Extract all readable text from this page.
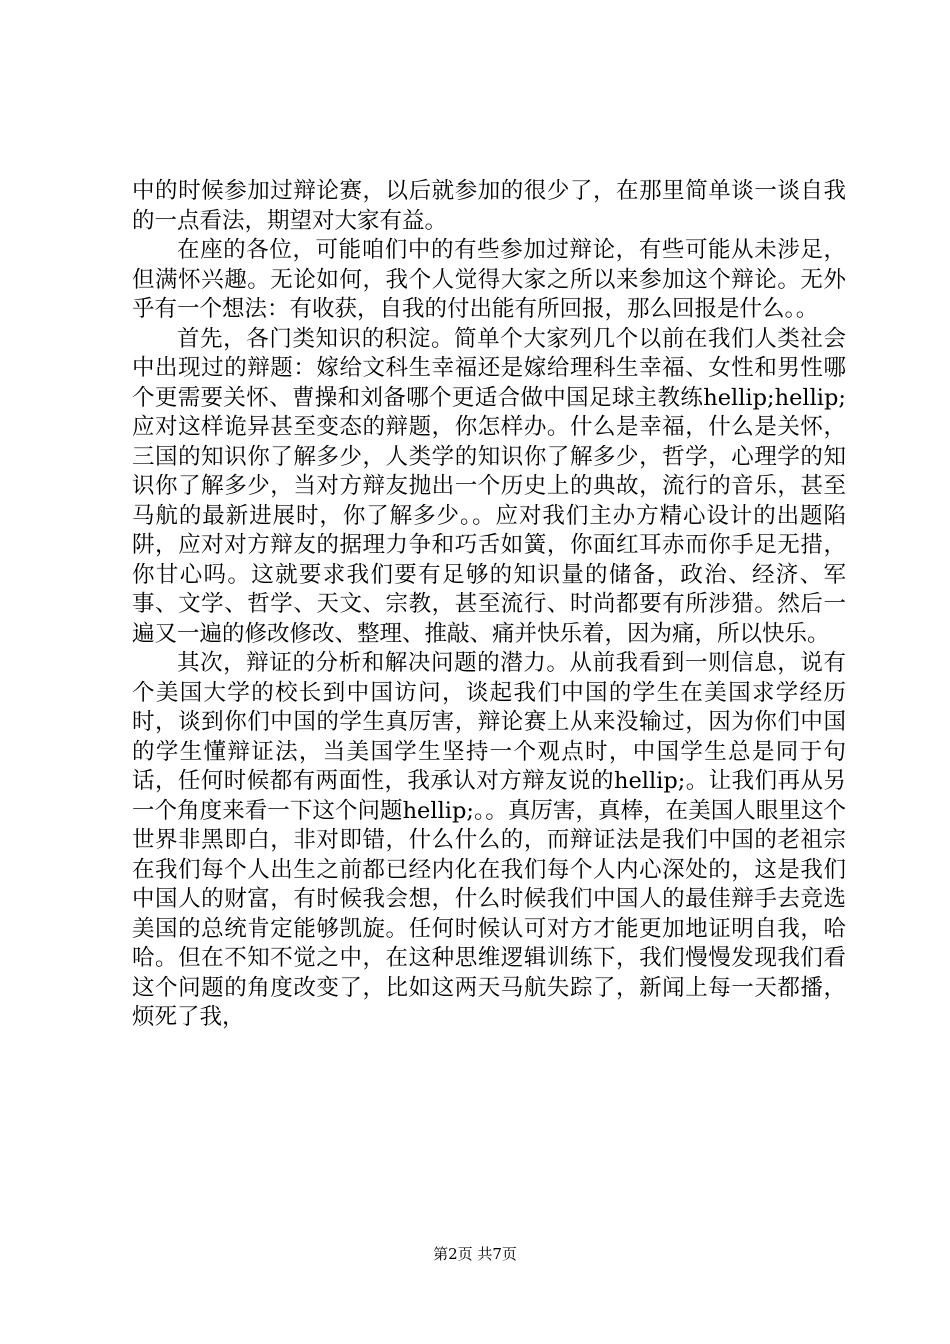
中的时候参加过辩论赛，以后就参加的很少了，在那里简单谈一谈自我的一点看法，期望对大家有益。

在座的各位，可能咱们中的有些参加过辩论，有些可能从未涉足，但满怀兴趣。无论如何，我个人觉得大家之所以来参加这个辩论。无外乎有一个想法：有收获，自我的付出能有所回报，那么回报是什么。。

首先，各门类知识的积淀。简单个大家列几个以前在我们人类社会中出现过的辩题：嫁给文科生幸福还是嫁给理科生幸福、女性和男性哪个更需要关怀、曹操和刘备哪个更适合做中国足球主教练hellip;hellip;应对这样诡异甚至变态的辩题，你怎样办。什么是幸福，什么是关怀，三国的知识你了解多少，人类学的知识你了解多少，哲学，心理学的知识你了解多少，当对方辩友抛出一个历史上的典故，流行的音乐，甚至马航的最新进展时，你了解多少。。应对我们主办方精心设计的出题陷阱，应对对方辩友的据理力争和巧舌如簧，你面红耳赤而你手足无措，你甘心吗。这就要求我们要有足够的知识量的储备，政治、经济、军事、文学、哲学、天文、宗教，甚至流行、时尚都要有所涉猎。然后一遍又一遍的修改修改、整理、推敲、痛并快乐着，因为痛，所以快乐。

其次，辩证的分析和解决问题的潜力。从前我看到一则信息，说有个美国大学的校长到中国访问，谈起我们中国的学生在美国求学经历时，谈到你们中国的学生真厉害，辩论赛上从来没输过，因为你们中国的学生懂辩证法，当美国学生坚持一个观点时，中国学生总是同于句话，任何时候都有两面性，我承认对方辩友说的hellip;。让我们再从另一个角度来看一下这个问题hellip;。。真厉害，真棒，在美国人眼里这个世界非黑即白，非对即错，什么什么的，而辩证法是我们中国的老祖宗在我们每个人出生之前都已经内化在我们每个人内心深处的，这是我们中国人的财富，有时候我会想，什么时候我们中国人的最佳辩手去竞选美国的总统肯定能够凯旋。任何时候认可对方才能更加地证明自我，哈哈。但在不知不觉之中，在这种思维逻辑训练下，我们慢慢发现我们看这个问题的角度改变了，比如这两天马航失踪了，新闻上每一天都播，烦死了我，

第2页 共7页
